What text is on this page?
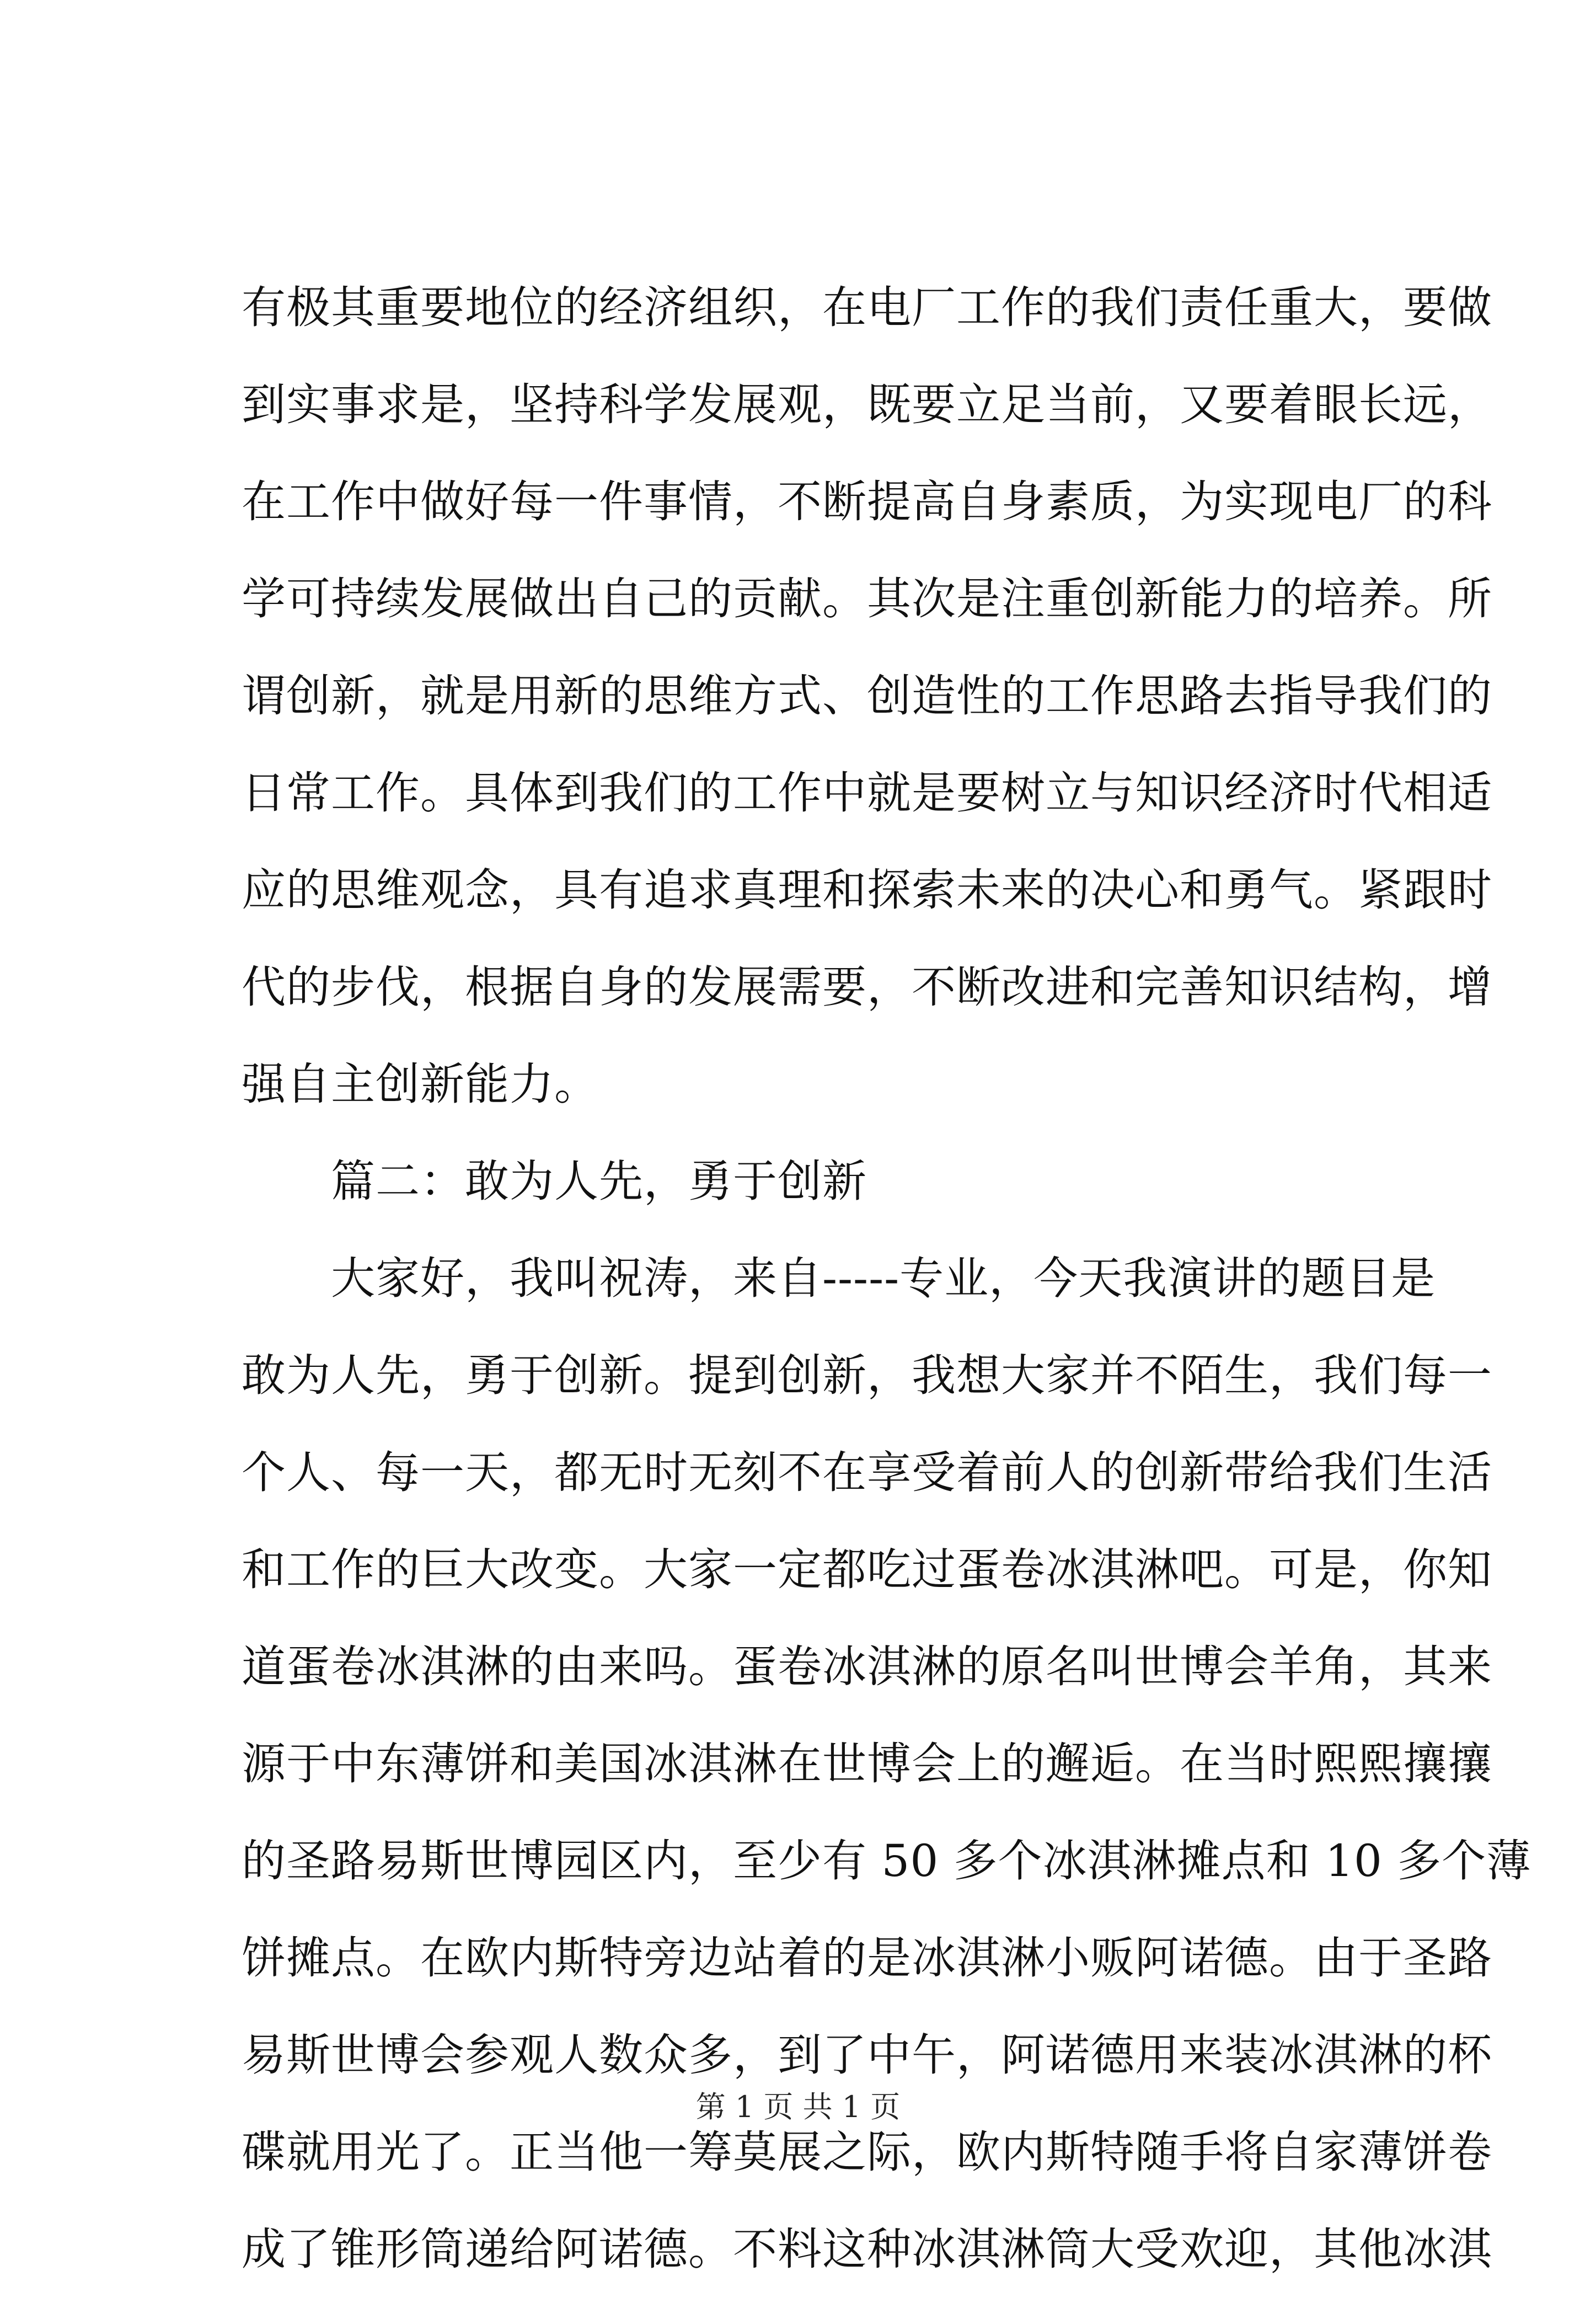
有极其重要地位的经济组织，在电厂工作的我们责任重大，要做
到实事求是，坚持科学发展观，既要立足当前，又要着眼长远，
在工作中做好每一件事情，不断提高自身素质，为实现电厂的科
学可持续发展做出自己的贡献。其次是注重创新能力的培养。所
谓创新，就是用新的思维方式、创造性的工作思路去指导我们的
日常工作。具体到我们的工作中就是要树立与知识经济时代相适
应的思维观念，具有追求真理和探索未来的决心和勇气。紧跟时
代的步伐，根据自身的发展需要，不断改进和完善知识结构，增
强自主创新能力。
　　篇二：敢为人先，勇于创新
　　大家好，我叫祝涛，来自-----专业，今天我演讲的题目是
敢为人先，勇于创新。提到创新，我想大家并不陌生，我们每一
个人、每一天，都无时无刻不在享受着前人的创新带给我们生活
和工作的巨大改变。大家一定都吃过蛋卷冰淇淋吧。可是，你知
道蛋卷冰淇淋的由来吗。蛋卷冰淇淋的原名叫世博会羊角，其来
源于中东薄饼和美国冰淇淋在世博会上的邂逅。在当时熙熙攘攘
的圣路易斯世博园区内，至少有 50 多个冰淇淋摊点和 10 多个薄
饼摊点。在欧内斯特旁边站着的是冰淇淋小贩阿诺德。由于圣路
易斯世博会参观人数众多，到了中午，阿诺德用来装冰淇淋的杯
碟就用光了。正当他一筹莫展之际，欧内斯特随手将自家薄饼卷
成了锥形筒递给阿诺德。不料这种冰淇淋筒大受欢迎，其他冰淇
第 1 页 共 1 页
